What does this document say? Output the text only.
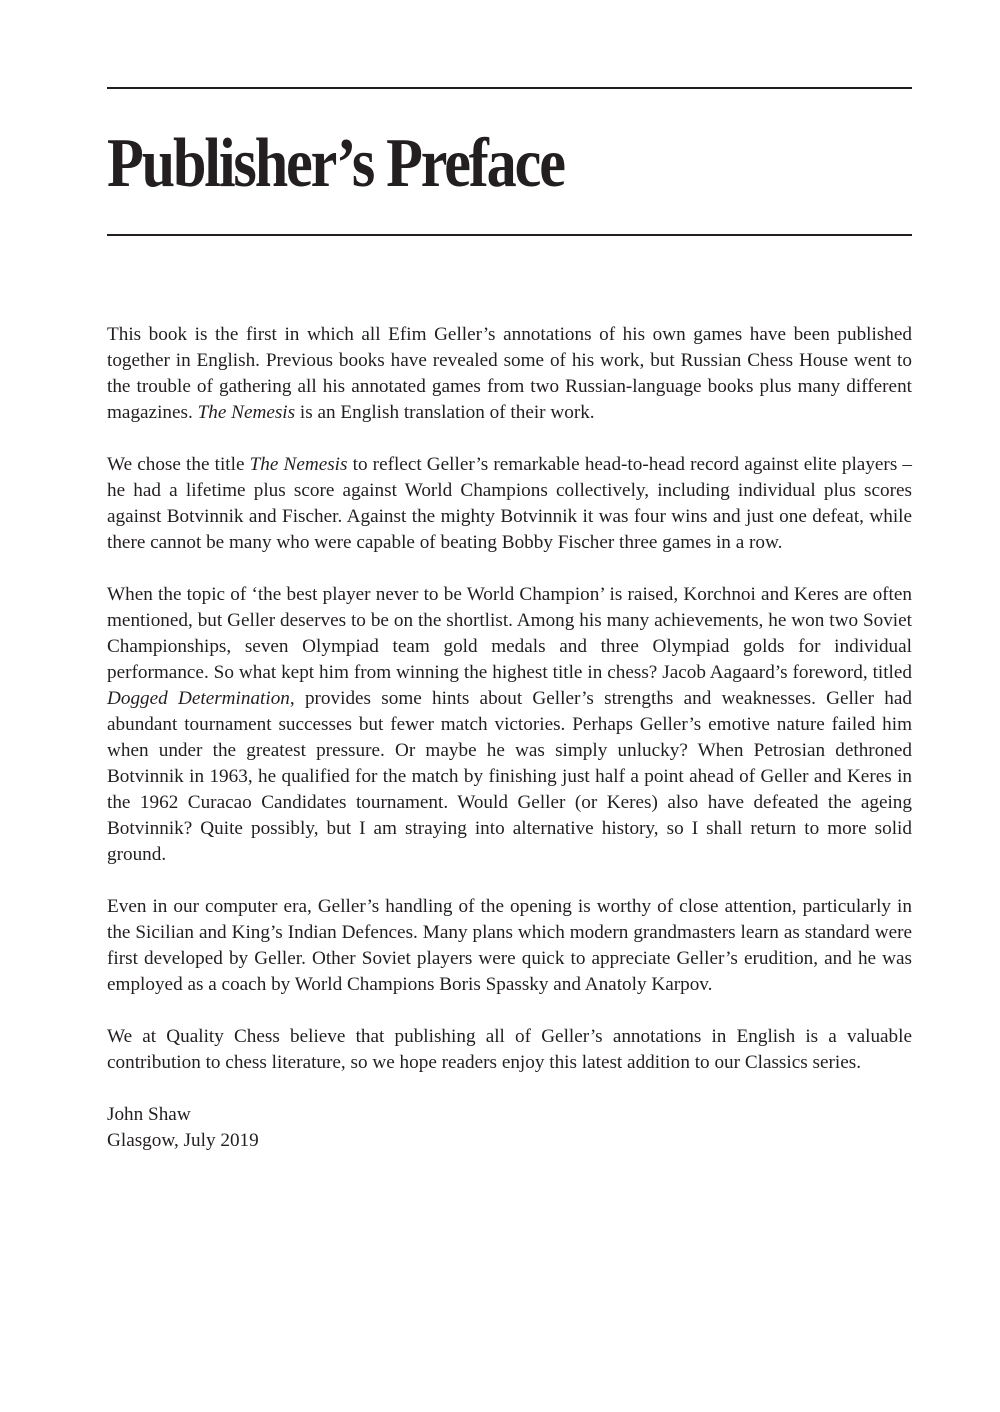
Publisher’s Preface

This book is the first in which all Efim Geller’s annotations of his own games have been published together in English. Previous books have revealed some of his work, but Russian Chess House went to the trouble of gathering all his annotated games from two Russian-language books plus many different magazines. The Nemesis is an English translation of their work.

We chose the title The Nemesis to reflect Geller’s remarkable head-to-head record against elite players – he had a lifetime plus score against World Champions collectively, including individual plus scores against Botvinnik and Fischer. Against the mighty Botvinnik it was four wins and just one defeat, while there cannot be many who were capable of beating Bobby Fischer three games in a row.

When the topic of ‘the best player never to be World Champion’ is raised, Korchnoi and Keres are often mentioned, but Geller deserves to be on the shortlist. Among his many achievements, he won two Soviet Championships, seven Olympiad team gold medals and three Olympiad golds for individual performance. So what kept him from winning the highest title in chess? Jacob Aagaard’s foreword, titled Dogged Determination, provides some hints about Geller’s strengths and weaknesses. Geller had abundant tournament successes but fewer match victories. Perhaps Geller’s emotive nature failed him when under the greatest pressure. Or maybe he was simply unlucky? When Petrosian dethroned Botvinnik in 1963, he qualified for the match by finishing just half a point ahead of Geller and Keres in the 1962 Curacao Candidates tournament. Would Geller (or Keres) also have defeated the ageing Botvinnik? Quite possibly, but I am straying into alternative history, so I shall return to more solid ground.

Even in our computer era, Geller’s handling of the opening is worthy of close attention, particularly in the Sicilian and King’s Indian Defences. Many plans which modern grandmasters learn as standard were first developed by Geller. Other Soviet players were quick to appreciate Geller’s erudition, and he was employed as a coach by World Champions Boris Spassky and Anatoly Karpov.

We at Quality Chess believe that publishing all of Geller’s annotations in English is a valuable contribution to chess literature, so we hope readers enjoy this latest addition to our Classics series.

John Shaw
Glasgow, July 2019
